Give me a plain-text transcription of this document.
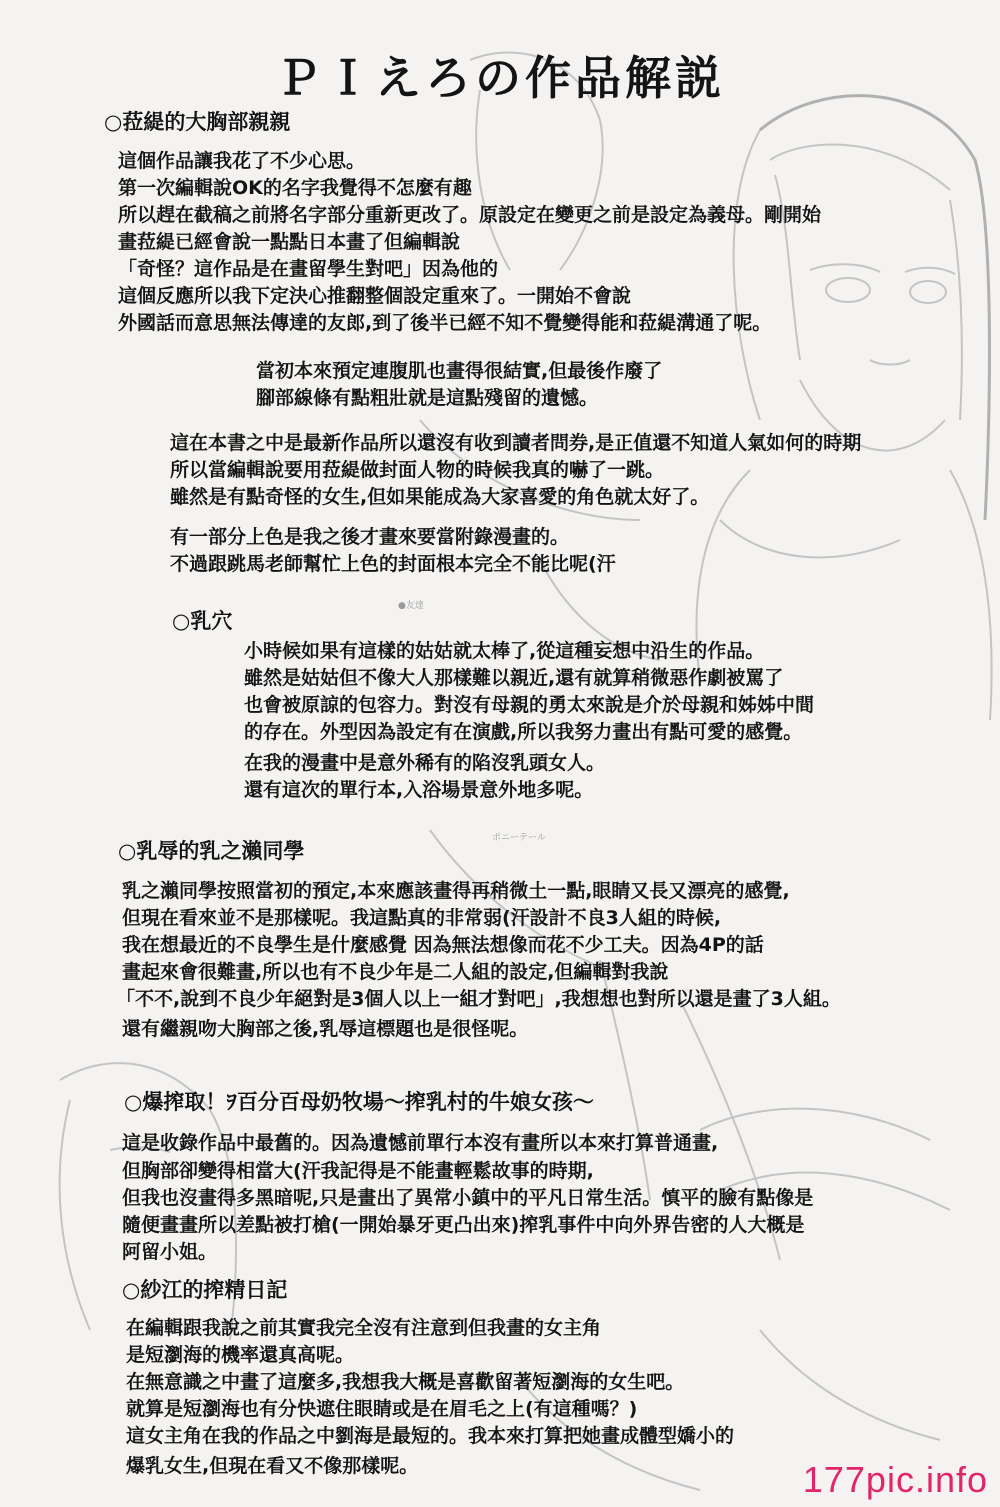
●友達
ポニーテール
ＰＩえろの作品解説
○菈緹的大胸部親親
這個作品讓我花了不少心思。
第一次編輯說OK的名字我覺得不怎麼有趣
所以趕在截稿之前將名字部分重新更改了。原設定在變更之前是設定為義母。剛開始
畫菈緹已經會說一點點日本畫了但編輯說
「奇怪？這作品是在畫留學生對吧」因為他的
這個反應所以我下定決心推翻整個設定重來了。一開始不會說
外國話而意思無法傳達的友郎,到了後半已經不知不覺變得能和菈緹溝通了呢。
當初本來預定連腹肌也畫得很結實,但最後作廢了
腳部線條有點粗壯就是這點殘留的遺憾。
這在本書之中是最新作品所以還沒有收到讀者問券,是正值還不知道人氣如何的時期
所以當編輯說要用菈緹做封面人物的時候我真的嚇了一跳。
雖然是有點奇怪的女生,但如果能成為大家喜愛的角色就太好了。
有一部分上色是我之後才畫來要當附錄漫畫的。
不過跟跳馬老師幫忙上色的封面根本完全不能比呢(汗
○乳穴
小時候如果有這樣的姑姑就太棒了,從這種妄想中沿生的作品。
雖然是姑姑但不像大人那樣難以親近,還有就算稍微惡作劇被罵了
也會被原諒的包容力。對沒有母親的勇太來說是介於母親和姊姊中間
的存在。外型因為設定有在演戲,所以我努力畫出有點可愛的感覺。
在我的漫畫中是意外稀有的陷沒乳頭女人。
還有這次的單行本,入浴場景意外地多呢。
○乳辱的乳之瀨同學
乳之瀨同學按照當初的預定,本來應該畫得再稍微土一點,眼睛又長又漂亮的感覺,
但現在看來並不是那樣呢。我這點真的非常弱(汗設計不良3人組的時候,
我在想最近的不良學生是什麼感覺 因為無法想像而花不少工夫。因為4P的話
畫起來會很難畫,所以也有不良少年是二人組的設定,但編輯對我說
「不不,說到不良少年絕對是3個人以上一組才對吧」,我想想也對所以還是畫了3人組。
還有繼親吻大胸部之後,乳辱這標題也是很怪呢。
○爆搾取！ｦ百分百母奶牧場～搾乳村的牛娘女孩～
這是收錄作品中最舊的。因為遺憾前單行本沒有畫所以本來打算普通畫,
但胸部卻變得相當大(汗我記得是不能畫輕鬆故事的時期,
但我也沒畫得多黑暗呢,只是畫出了異常小鎮中的平凡日常生活。慎平的臉有點像是
隨便畫畫所以差點被打槍(一開始暴牙更凸出來)搾乳事件中向外界告密的人大概是
阿留小姐。
○紗江的搾精日記
在編輯跟我說之前其實我完全沒有注意到但我畫的女主角
是短瀏海的機率還真高呢。
在無意識之中畫了這麼多,我想我大概是喜歡留著短瀏海的女生吧。
就算是短瀏海也有分快遮住眼睛或是在眉毛之上(有這種嗎？)
這女主角在我的作品之中劉海是最短的。我本來打算把她畫成體型嬌小的
爆乳女生,但現在看又不像那樣呢。	177pic.info
